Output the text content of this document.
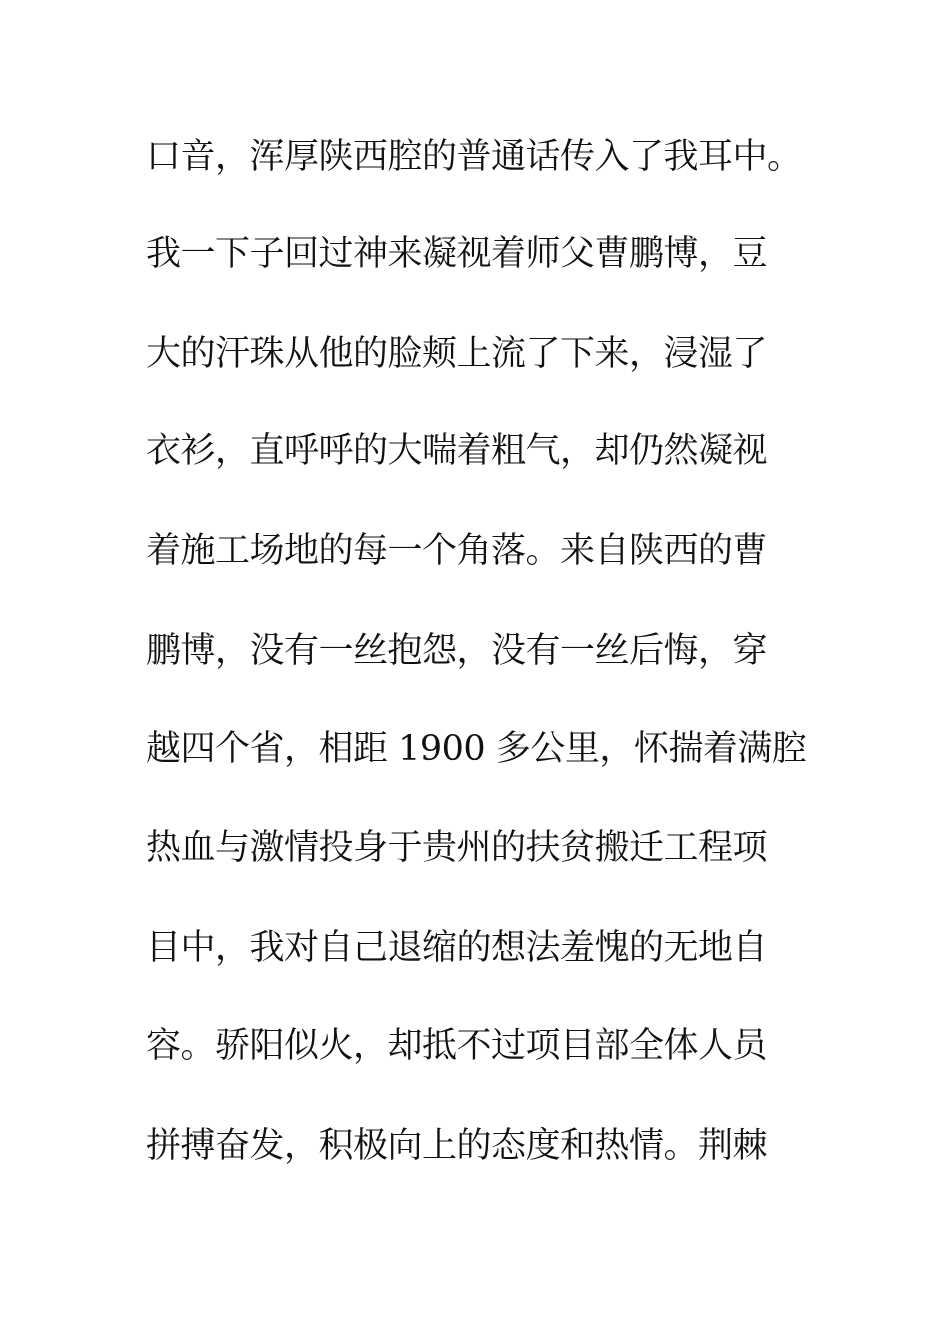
口音，浑厚陕西腔的普通话传入了我耳中。
我一下子回过神来凝视着师父曹鹏博，豆
大的汗珠从他的脸颊上流了下来，浸湿了
衣衫，直呼呼的大喘着粗气，却仍然凝视
着施工场地的每一个角落。来自陕西的曹
鹏博，没有一丝抱怨，没有一丝后悔，穿
越四个省，相距 1900 多公里，怀揣着满腔
热血与激情投身于贵州的扶贫搬迁工程项
目中，我对自己退缩的想法羞愧的无地自
容。骄阳似火，却抵不过项目部全体人员
拼搏奋发，积极向上的态度和热情。荆棘
